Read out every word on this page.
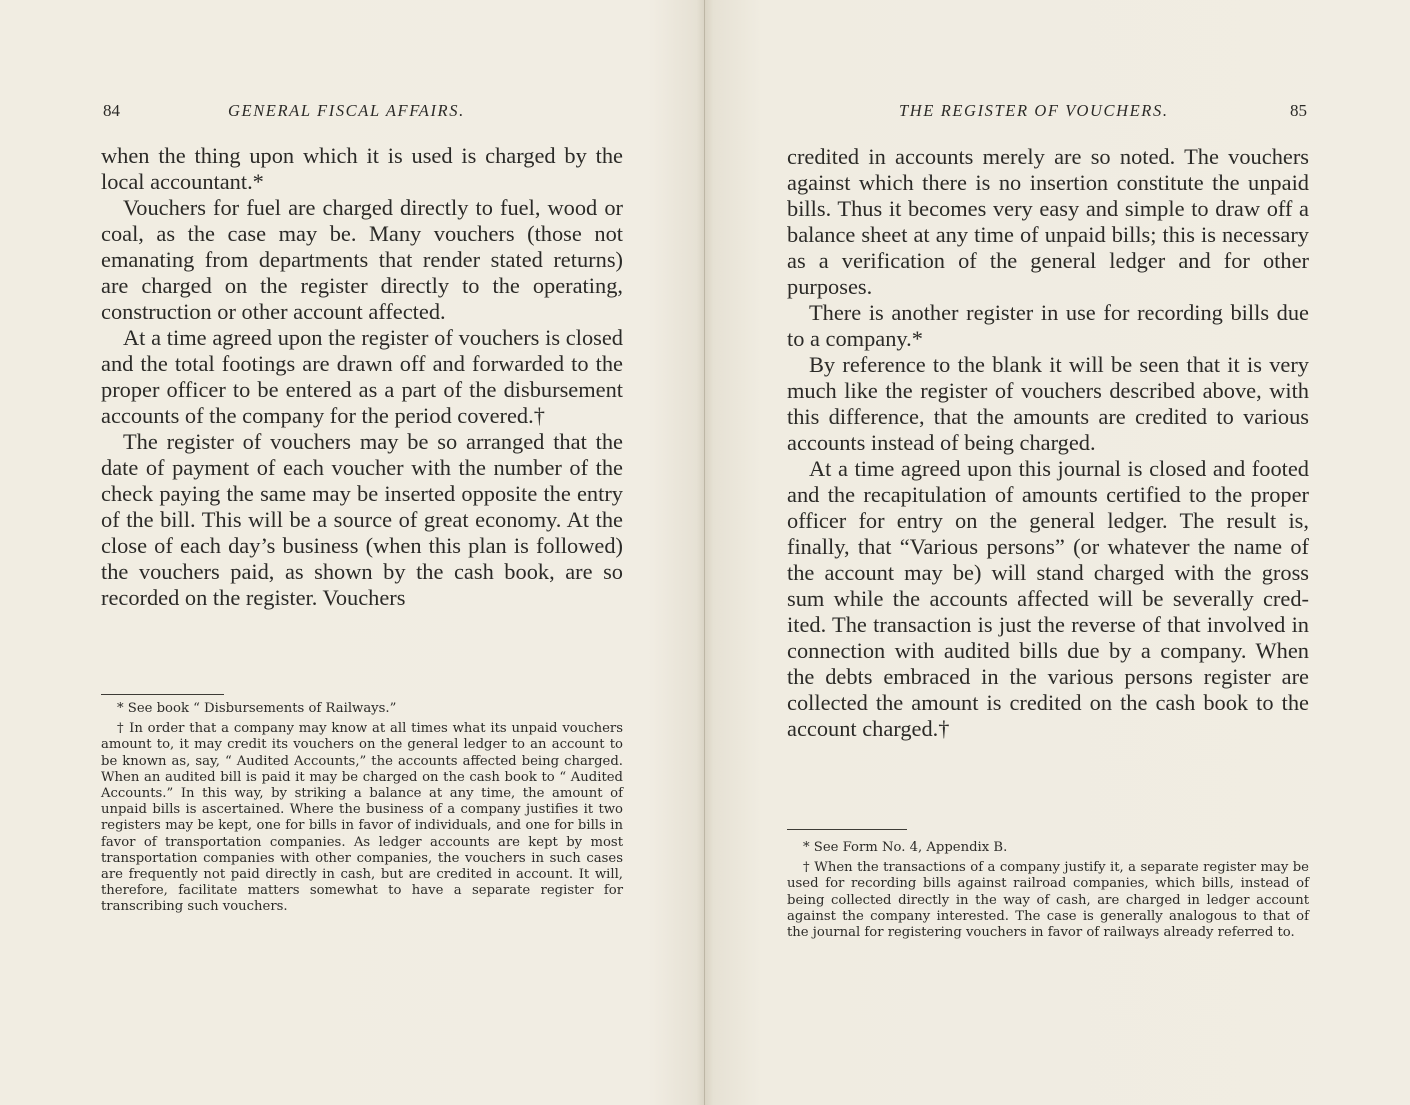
84	GENERAL FISCAL AFFAIRS.

when the thing upon which it is used is charged by the local accountant.*

Vouchers for fuel are charged directly to fuel, wood or coal, as the case may be. Many vouchers (those not emanating from departments that render stated returns) are charged on the register directly to the operating, construction or other account affected.

At a time agreed upon the register of vouchers is closed and the total footings are drawn off and forwarded to the proper officer to be entered as a part of the disbursement accounts of the company for the period covered.†

The register of vouchers may be so arranged that the date of payment of each voucher with the number of the check paying the same may be inserted opposite the entry of the bill. This will be a source of great economy. At the close of each day’s business (when this plan is followed) the vouchers paid, as shown by the cash book, are so recorded on the register. Vouchers

* See book “ Disbursements of Railways.”

† In order that a company may know at all times what its unpaid vouchers amount to, it may credit its vouchers on the general ledger to an account to be known as, say, “ Audited Accounts,” the accounts affected being charged. When an audited bill is paid it may be charged on the cash book to “ Audited Accounts.” In this way, by striking a balance at any time, the amount of unpaid bills is ascertained. Where the business of a company justifies it two registers may be kept, one for bills in favor of individuals, and one for bills in favor of transportation companies. As ledger accounts are kept by most transportation companies with other companies, the vouchers in such cases are frequently not paid directly in cash, but are credited in account. It will, therefore, facilitate matters somewhat to have a separate register for transcribing such vouchers.

THE REGISTER OF VOUCHERS.	85

credited in accounts merely are so noted. The vouchers against which there is no insertion constitute the unpaid bills. Thus it becomes very easy and simple to draw off a balance sheet at any time of unpaid bills; this is necessary as a verification of the general ledger and for other purposes.

There is another register in use for recording bills due to a company.*

By reference to the blank it will be seen that it is very much like the register of vouchers described above, with this difference, that the amounts are credited to various accounts instead of being charged.

At a time agreed upon this journal is closed and footed and the recapitulation of amounts certified to the proper officer for entry on the general ledger. The result is, finally, that “Various persons” (or whatever the name of the account may be) will stand charged with the gross sum while the accounts affected will be severally credited. The transaction is just the reverse of that involved in connection with audited bills due by a company. When the debts embraced in the various persons register are collected the amount is credited on the cash book to the account charged.†

* See Form No. 4, Appendix B.

† When the transactions of a company justify it, a separate register may be used for recording bills against railroad companies, which bills, instead of being collected directly in the way of cash, are charged in ledger account against the company interested. The case is generally analogous to that of the journal for registering vouchers in favor of railways already referred to.
